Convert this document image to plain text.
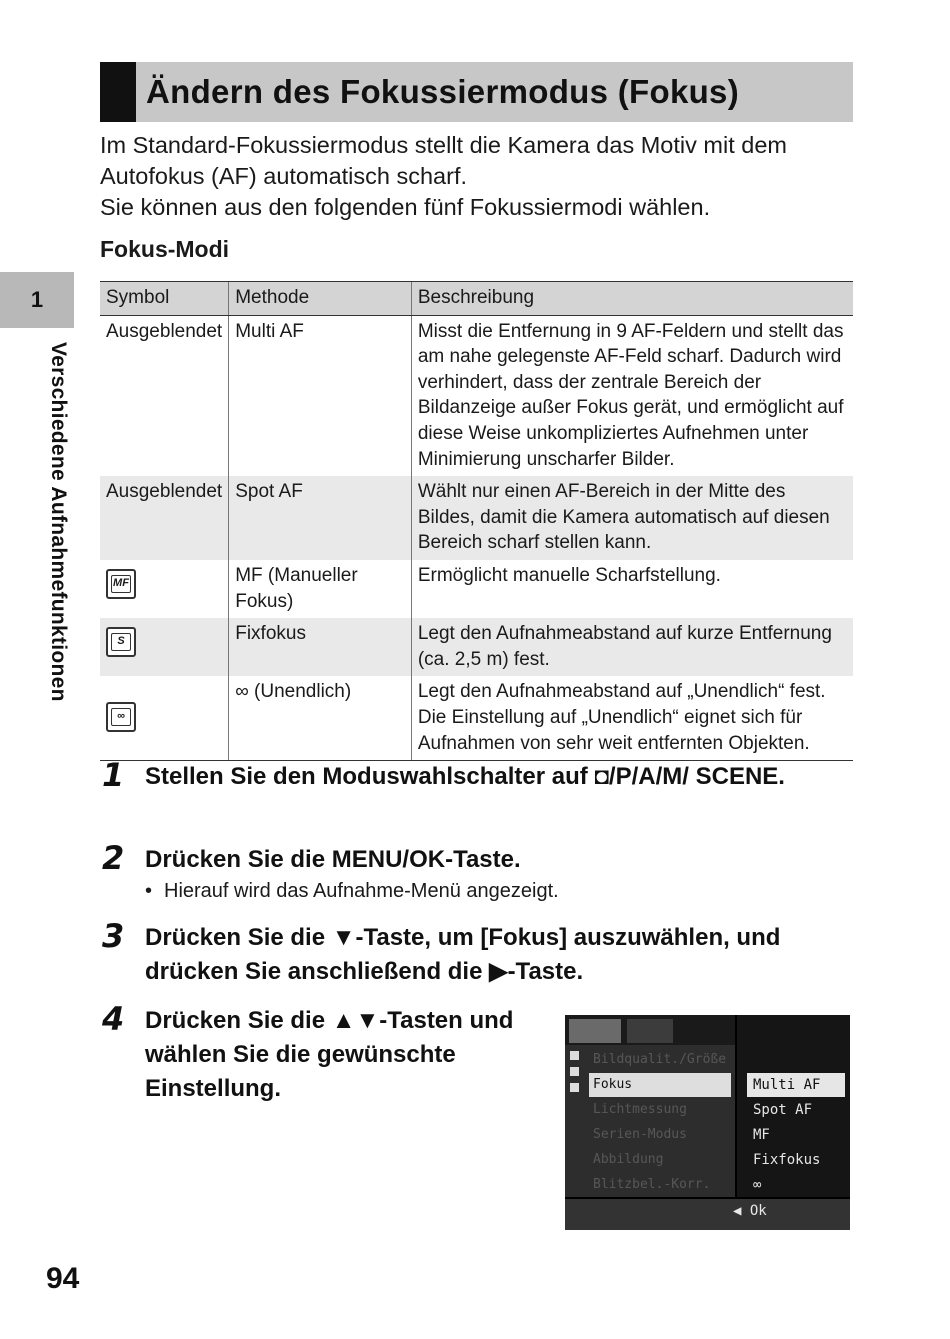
1
Verschiedene Aufnahmefunktionen
Ändern des Fokussiermodus (Fokus)

Im Standard-Fokussiermodus stellt die Kamera das Motiv mit dem Autofokus (AF) automatisch scharf.

Sie können aus den folgenden fünf Fokussiermodi wählen.

Fokus-Modi
Symbol	Methode	Beschreibung
Ausgeblendet	Multi AF	Misst die Entfernung in 9 AF-Feldern und stellt das am nahe gelegenste AF-Feld scharf. Dadurch wird verhindert, dass der zentrale Bereich der Bildanzeige außer Fokus gerät, und ermöglicht auf diese Weise unkompliziertes Aufnehmen unter Minimierung unscharfer Bilder.
Ausgeblendet	Spot AF	Wählt nur einen AF-Bereich in der Mitte des Bildes, damit die Kamera automatisch auf diesen Bereich scharf stellen kann.

MF	MF (Manueller Fokus)	Ermöglicht manuelle Scharfstellung.

S	Fixfokus	Legt den Aufnahmeabstand auf kurze Entfernung (ca. 2,5 m) fest.

∞	∞ (Unendlich)	Legt den Aufnahmeabstand auf „Unendlich“ fest. Die Einstellung auf „Unendlich“ eignet sich für Aufnahmen von sehr weit entfernten Objekten.
1 Stellen Sie den Moduswahlschalter auf ◘/P/A/M/ SCENE.
2 Drücken Sie die MENU/OK-Taste.
• Hierauf wird das Aufnahme-Menü angezeigt.
3 Drücken Sie die ▼-Taste, um [Fokus] auszuwählen, und drücken Sie anschließend die ▶-Taste.
4 Drücken Sie die ▲▼-Tasten und wählen Sie die gewünschte Einstellung.
Bildqualit./Größe
Fokus
Lichtmessung
Serien-Modus
Abbildung
Blitzbel.-Korr.
Multi AF
Spot AF
MF
Fixfokus
∞
◀ Ok
94
